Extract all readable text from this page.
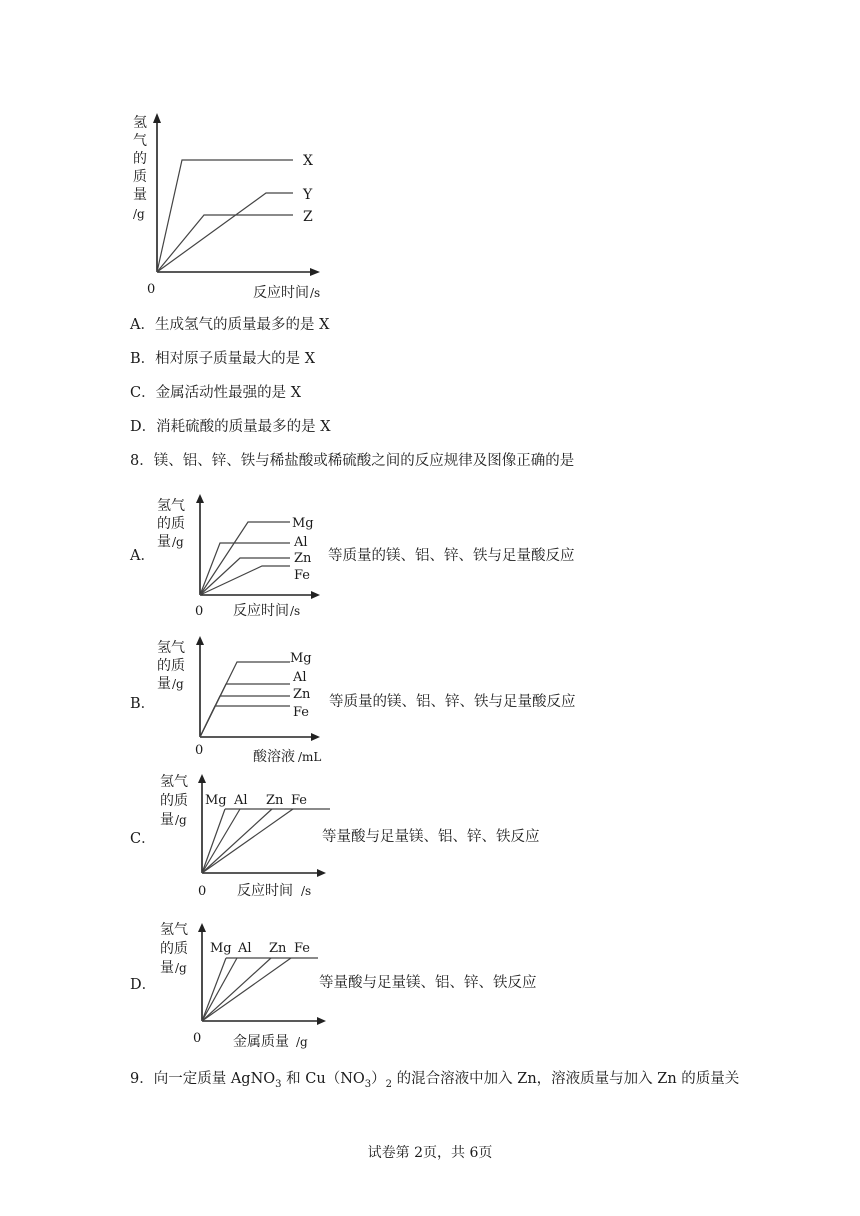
氢
气
的
质
量
/g
0	反应时间 /s
X
Y
Z
A．生成氢气的质量最多的是 X
B．相对原子质量最大的是 X
C．金属活动性最强的是 X
D．消耗硫酸的质量最多的是 X
8．镁、铝、锌、铁与稀盐酸或稀硫酸之间的反应规律及图像正确的是
A．
氢气
的质
量 /g
0 反应时间 /s
Mg
Al
Zn
Fe
等质量的镁、铝、锌、铁与足量酸反应
B．
氢气
的质
量 /g
0	酸溶液 /mL
Mg
Al
Zn
Fe
等质量的镁、铝、锌、铁与足量酸反应
C．
氢气
的质
量 /g
0 反应时间 /s
Mg Al Zn Fe
等量酸与足量镁、铝、锌、铁反应
D．
氢气
的质
量 /g
0 金属质量 /g
Mg Al Zn Fe
等量酸与足量镁、铝、锌、铁反应
9．向一定质量 AgNO$_3$ 和 $Cu(NO_3)_2$ 的混合溶液中加入 Zn，溶液质量与加入 Zn 的质量关
试卷第 2页，共 6页
